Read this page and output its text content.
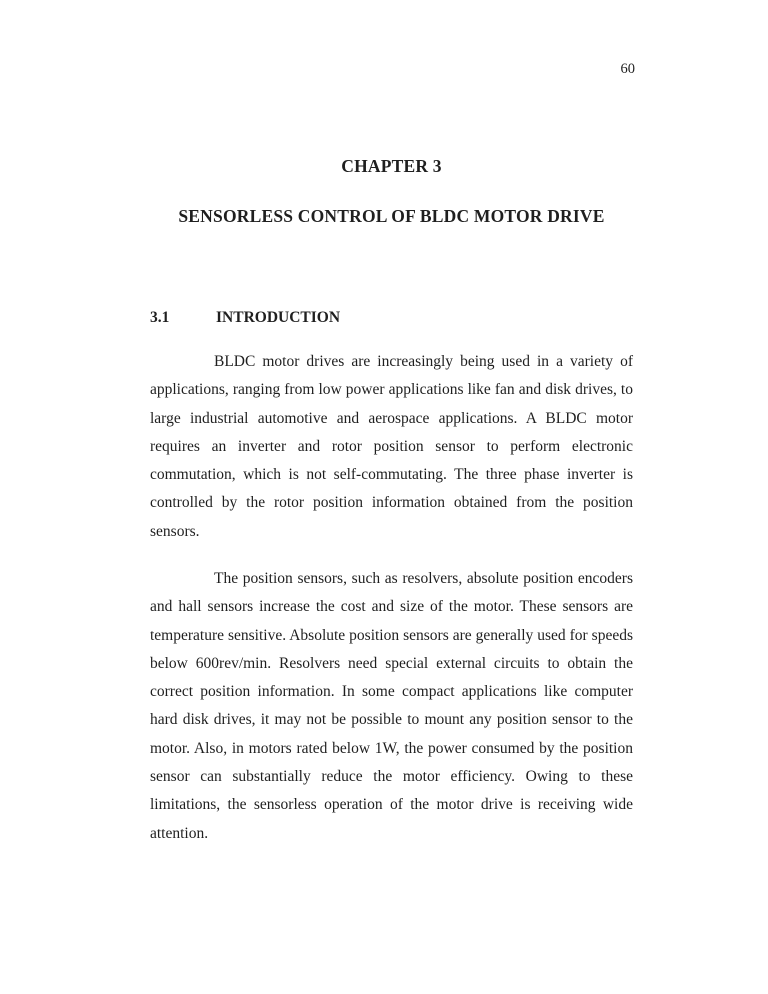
60
CHAPTER 3
SENSORLESS CONTROL OF BLDC MOTOR DRIVE
3.1	INTRODUCTION

BLDC motor drives are increasingly being used in a variety of applications, ranging from low power applications like fan and disk drives, to large industrial automotive and aerospace applications. A BLDC motor requires an inverter and rotor position sensor to perform electronic commutation, which is not self-commutating. The three phase inverter is controlled by the rotor position information obtained from the position sensors.

The position sensors, such as resolvers, absolute position encoders and hall sensors increase the cost and size of the motor. These sensors are temperature sensitive. Absolute position sensors are generally used for speeds below 600rev/min. Resolvers need special external circuits to obtain the correct position information. In some compact applications like computer hard disk drives, it may not be possible to mount any position sensor to the motor. Also, in motors rated below 1W, the power consumed by the position sensor can substantially reduce the motor efficiency. Owing to these limitations, the sensorless operation of the motor drive is receiving wide attention.
